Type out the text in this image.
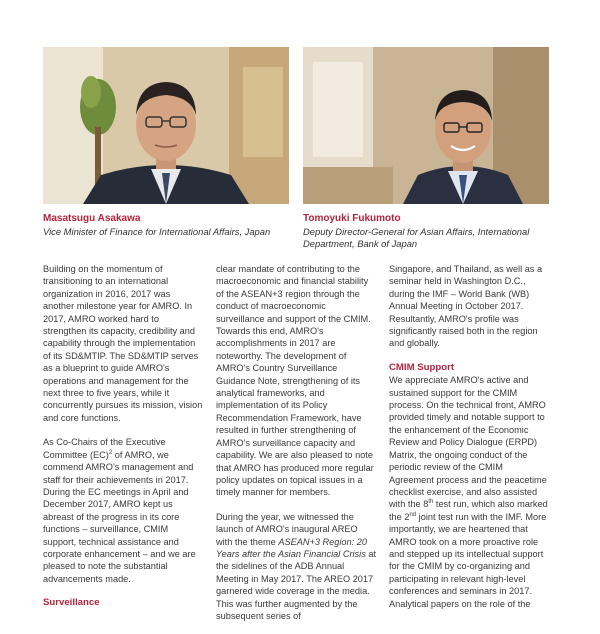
Masatsugu Asakawa
Vice Minister of Finance for International Affairs, Japan
Tomoyuki Fukumoto
Deputy Director-General for Asian Affairs, International Department, Bank of Japan

Building on the momentum of transitioning to an international organization in 2016, 2017 was another milestone year for AMRO. In 2017, AMRO worked hard to strengthen its capacity, credibility and capability through the implementation of its SD&MTIP. The SD&MTIP serves as a blueprint to guide AMRO's operations and management for the next three to five years, while it concurrently pursues its mission, vision and core functions.

As Co-Chairs of the Executive Committee (EC)$^2$ of AMRO, we commend AMRO's management and staff for their achievements in 2017. During the EC meetings in April and December 2017, AMRO kept us abreast of the progress in its core functions – surveillance, CMIM support, technical assistance and corporate enhancement – and we are pleased to note the substantial advancements made.

Surveillance

clear mandate of contributing to the macroeconomic and financial stability of the ASEAN+3 region through the conduct of macroeconomic surveillance and support of the CMIM. Towards this end, AMRO's accomplishments in 2017 are noteworthy. The development of AMRO's Country Surveillance Guidance Note, strengthening of its analytical frameworks, and implementation of its Policy Recommendation Framework, have resulted in further strengthening of AMRO's surveillance capacity and capability. We are also pleased to note that AMRO has produced more regular policy updates on topical issues in a timely manner for members.

During the year, we witnessed the launch of AMRO's inaugural AREO with the theme ASEAN+3 Region: 20 Years after the Asian Financial Crisis at the sidelines of the ADB Annual Meeting in May 2017. The AREO 2017 garnered wide coverage in the media. This was further augmented by the subsequent series of

Singapore, and Thailand, as well as a seminar held in Washington D.C., during the IMF – World Bank (WB) Annual Meeting in October 2017. Resultantly, AMRO's profile was significantly raised both in the region and globally.

CMIM Support

We appreciate AMRO's active and sustained support for the CMIM process. On the technical front, AMRO provided timely and notable support to the enhancement of the Economic Review and Policy Dialogue (ERPD) Matrix, the ongoing conduct of the periodic review of the CMIM Agreement process and the peacetime checklist exercise, and also assisted with the 8th test run, which also marked the 2nd joint test run with the IMF. More importantly, we are heartened that AMRO took on a more proactive role and stepped up its intellectual support for the CMIM by co-organizing and participating in relevant high-level conferences and seminars in 2017. Analytical papers on the role of the
